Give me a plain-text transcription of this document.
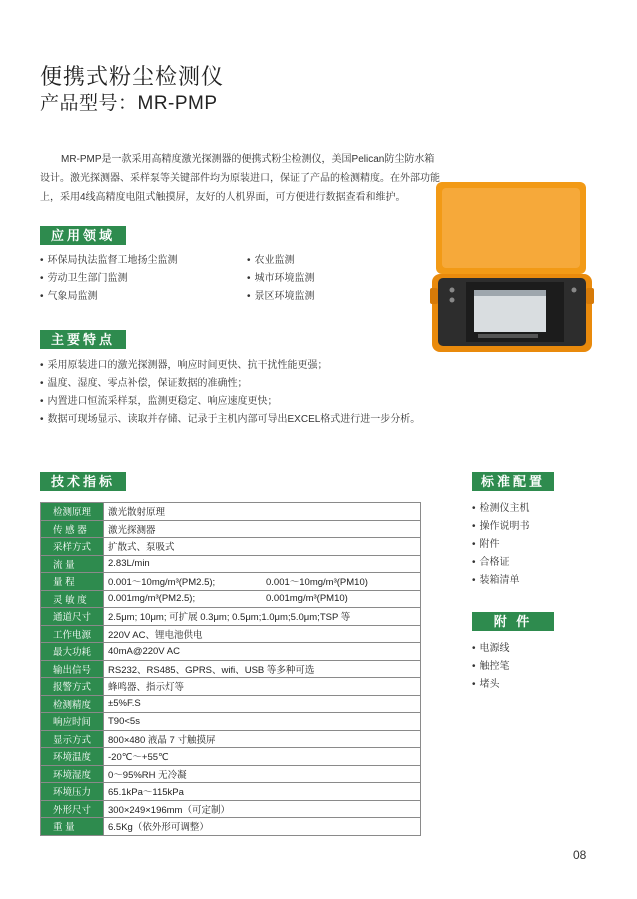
便携式粉尘检测仪
产品型号：MR-PMP
MR-PMP是一款采用高精度激光探测器的便携式粉尘检测仪，美国Pelican防尘防水箱设计。激光探测器、采样泵等关键部件均为原装进口，保证了产品的检测精度。在外部功能上，采用4线高精度电阻式触摸屏，友好的人机界面，可方便进行数据查看和维护。
应用领域
• 环保局执法监督工地扬尘监测
• 劳动卫生部门监测
• 气象局监测
• 农业监测
• 城市环境监测
• 景区环境监测
主要特点
• 采用原装进口的激光探测器，响应时间更快、抗干扰性能更强；
• 温度、湿度、零点补偿，保证数据的准确性；
• 内置进口恒流采样泵，监测更稳定、响应速度更快；
• 数据可现场显示、读取并存储、记录于主机内部可导出EXCEL格式进行进一步分析。
技术指标
检测原理	激光散射原理
传 感 器	激光探测器
采样方式	扩散式、泵吸式
流 量	2.83L/min
量 程	0.001～10mg/m³(PM2.5); 0.001～10mg/m³(PM10)
灵 敏 度	0.001mg/m³(PM2.5); 0.001mg/m³(PM10)
通道尺寸	2.5μm; 10μm; 可扩展 0.3μm; 0.5μm;1.0μm;5.0μm;TSP 等
工作电源	220V AC、锂电池供电
最大功耗	40mA@220V AC
输出信号	RS232、RS485、GPRS、wifi、USB 等多种可选
报警方式	蜂鸣器、指示灯等
检测精度	±5%F.S
响应时间	T90<5s
显示方式	800×480 液晶 7 寸触摸屏
环境温度	-20℃～+55℃
环境湿度	0～95%RH 无冷凝
环境压力	65.1kPa～115kPa
外形尺寸	300×249×196mm（可定制）
重 量	6.5Kg（依外形可调整）
标准配置
• 检测仪主机
• 操作说明书
• 附件
• 合格证
• 装箱清单
附 件
• 电源线
• 触控笔
• 堵头
08
